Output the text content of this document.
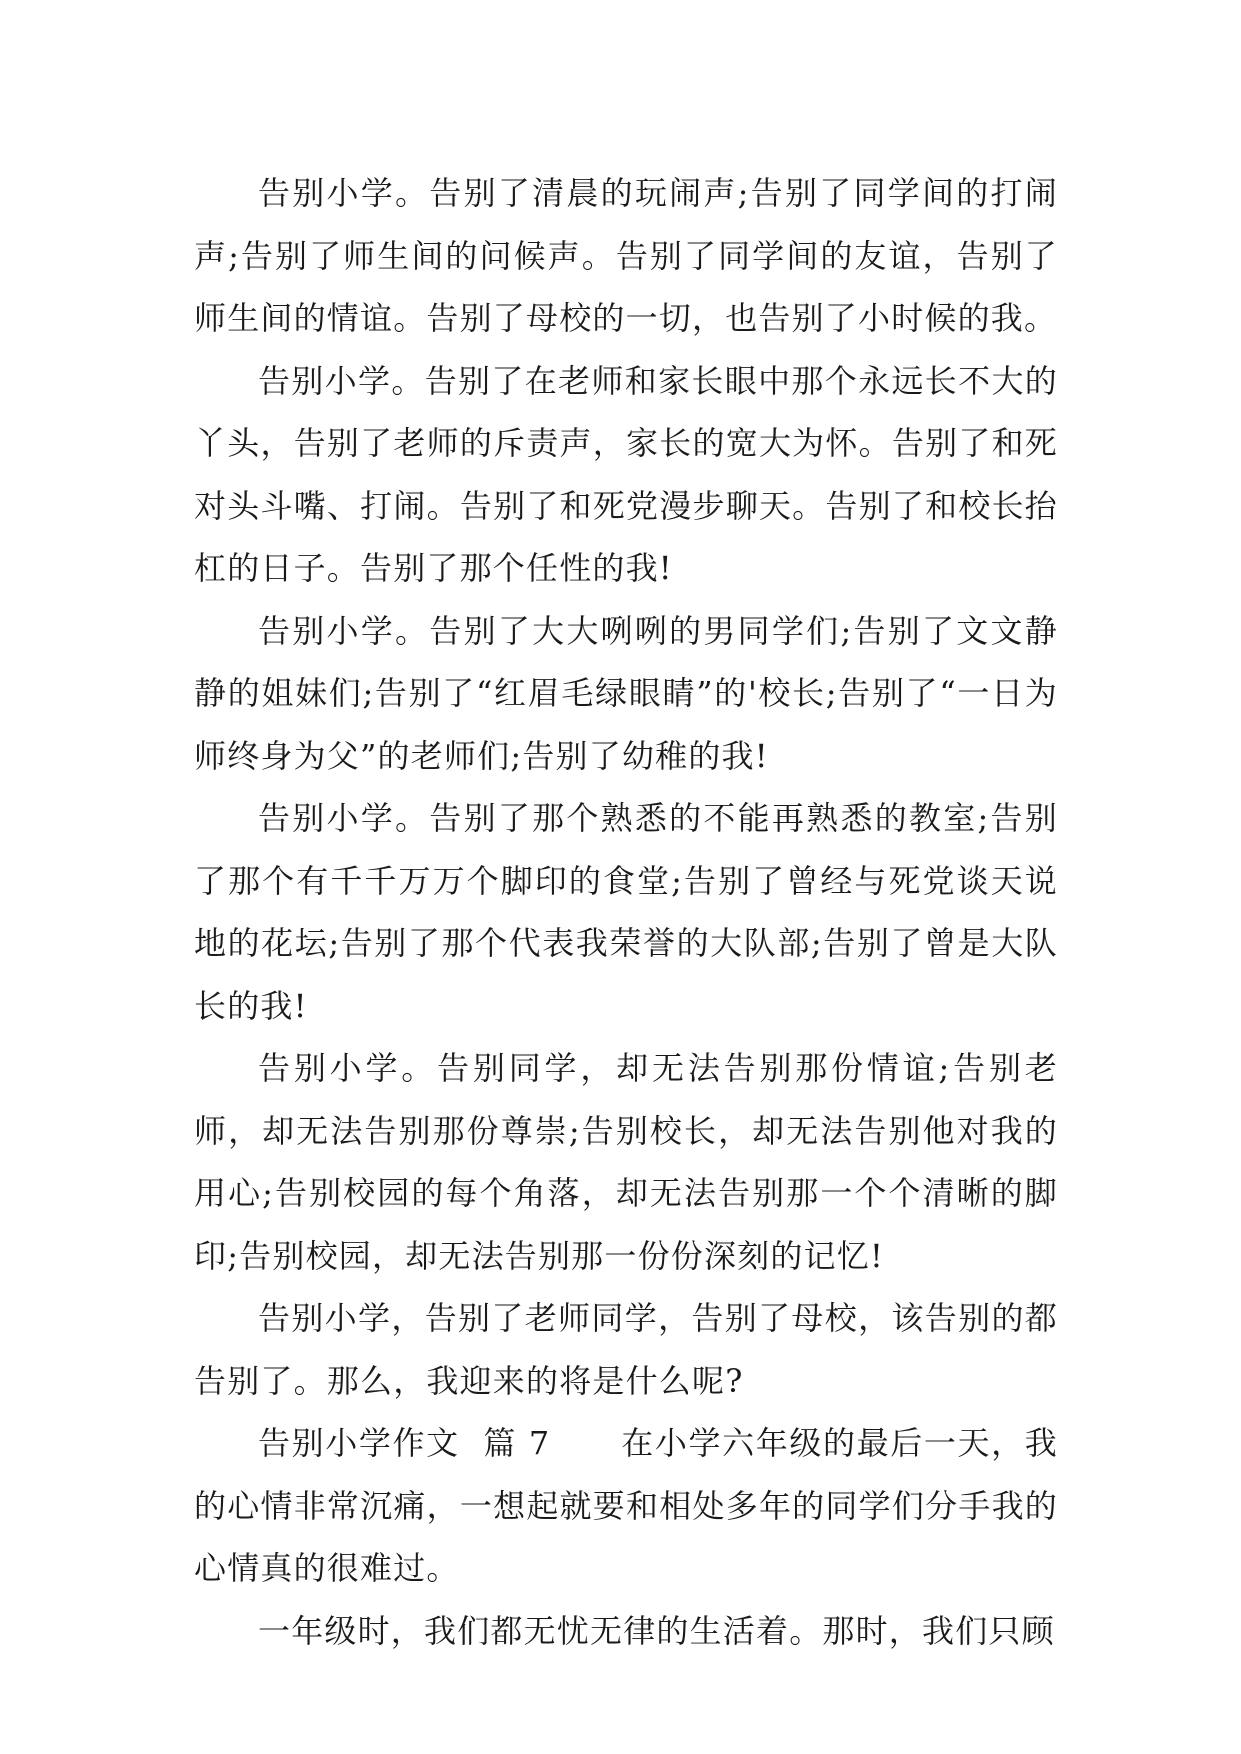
告别小学。告别了清晨的玩闹声;告别了同学间的打闹声;告别了师生间的问候声。告别了同学间的友谊，告别了师生间的情谊。告别了母校的一切，也告别了小时候的我。

告别小学。告别了在老师和家长眼中那个永远长不大的丫头，告别了老师的斥责声，家长的宽大为怀。告别了和死对头斗嘴、打闹。告别了和死党漫步聊天。告别了和校长抬杠的日子。告别了那个任性的我!

告别小学。告别了大大咧咧的男同学们;告别了文文静静的姐妹们;告别了“红眉毛绿眼睛”的'校长;告别了“一日为师终身为父”的老师们;告别了幼稚的我!

告别小学。告别了那个熟悉的不能再熟悉的教室;告别了那个有千千万万个脚印的食堂;告别了曾经与死党谈天说地的花坛;告别了那个代表我荣誉的大队部;告别了曾是大队长的我!

告别小学。告别同学，却无法告别那份情谊;告别老师，却无法告别那份尊崇;告别校长，却无法告别他对我的用心;告别校园的每个角落，却无法告别那一个个清晰的脚印;告别校园，却无法告别那一份份深刻的记忆!

告别小学，告别了老师同学，告别了母校，该告别的都告别了。那么，我迎来的将是什么呢?

告别小学作文  篇 7      在小学六年级的最后一天，我的心情非常沉痛，一想起就要和相处多年的同学们分手我的心情真的很难过。

一年级时，我们都无忧无律的生活着。那时，我们只顾
